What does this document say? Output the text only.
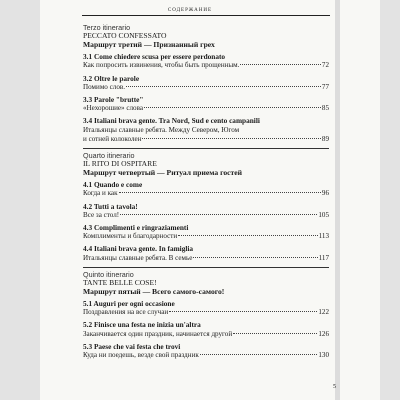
СОДЕРЖАНИЕ
Terzo itinerario
PECCATO CONFESSATO
Маршрут третий — Признанный грех
3.1 Come chiedere scusa per essere perdonato
Как попросить извинения, чтобы быть прощенным.	72
3.2 Oltre le parole
Помимо слов.	77
3.3 Parole "brutte"
«Нехорошие» слова	85
3.4 Italiani brava gente. Tra Nord, Sud e cento campanili
Итальянцы славные ребята. Между Севером, Югом
и сотней колоколен	89
Quarto itinerario
IL RITO DI OSPITARE
Маршрут четвертый — Ритуал приема гостей
4.1 Quando e come
Когда и как	96
4.2 Tutti a tavola!
Все за стол!	105
4.3 Complimenti e ringraziamenti
Комплименты и благодарности	113
4.4 Italiani brava gente. In famiglia
Итальянцы славные ребята. В семье	117
Quinto itinerario
TANTE BELLE COSE!
Маршрут пятый — Всего самого-самого!
5.1 Auguri per ogni occasione
Поздравления на все случаи	122
5.2 Finisce una festa ne inizia un'altra
Заканчивается один праздник, начинается другой	126
5.3 Paese che vai festa che trovi
Куда ни поедешь, везде свой праздник	130
5
